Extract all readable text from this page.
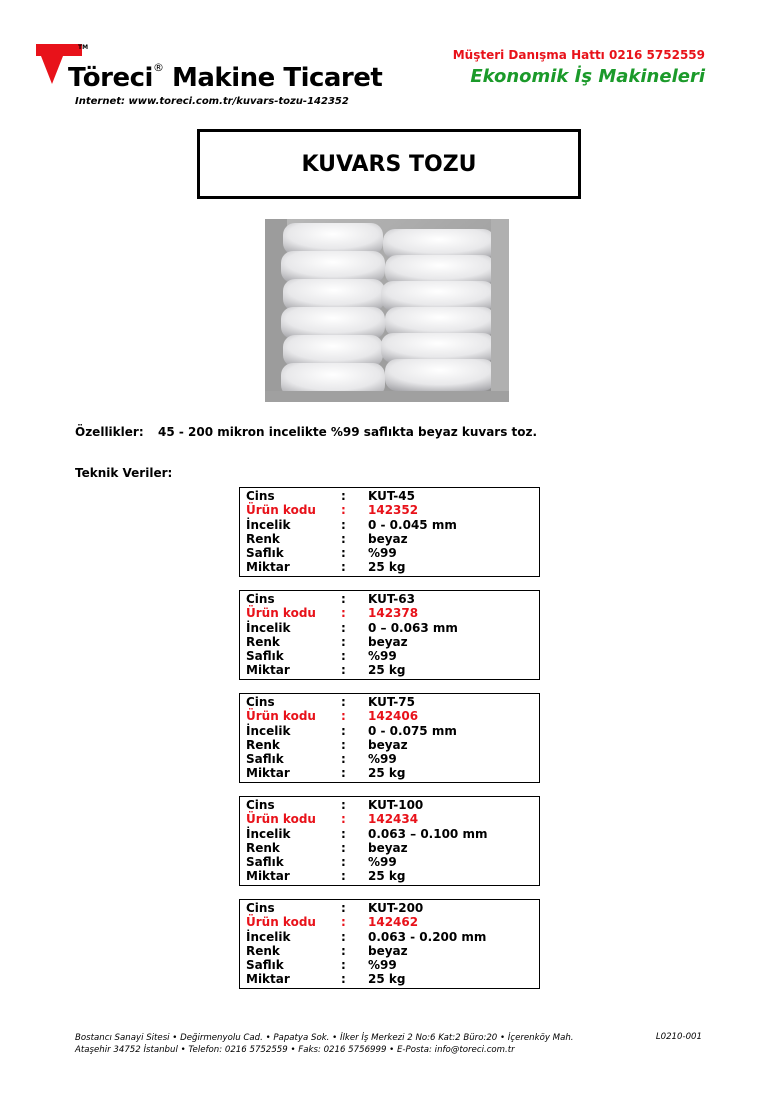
TM
Töreci® Makine Ticaret
Internet: www.toreci.com.tr/kuvars-tozu-142352
Müşteri Danışma Hattı 0216 5752559
Ekonomik İş Makineleri
KUVARS TOZU
Özellikler: 45 - 200 mikron incelikte %99 saflıkta beyaz kuvars toz.
Teknik Veriler:
Cins	:	KUT-45
Ürün kodu	:	142352
İncelik	:	0 - 0.045 mm
Renk	:	beyaz
Saflık	:	%99
Miktar	:	25 kg
Cins	:	KUT-63
Ürün kodu	:	142378
İncelik	:	0 – 0.063 mm
Renk	:	beyaz
Saflık	:	%99
Miktar	:	25 kg
Cins	:	KUT-75
Ürün kodu	:	142406
İncelik	:	0 - 0.075 mm
Renk	:	beyaz
Saflık	:	%99
Miktar	:	25 kg
Cins	:	KUT-100
Ürün kodu	:	142434
İncelik	:	0.063 – 0.100 mm
Renk	:	beyaz
Saflık	:	%99
Miktar	:	25 kg
Cins	:	KUT-200
Ürün kodu	:	142462
İncelik	:	0.063 - 0.200 mm
Renk	:	beyaz
Saflık	:	%99
Miktar	:	25 kg
Bostancı Sanayi Sitesi • Değirmenyolu Cad. • Papatya Sok. • İlker İş Merkezi 2 No:6 Kat:2 Büro:20 • İçerenköy Mah.
Ataşehir 34752 İstanbul • Telefon: 0216 5752559 • Faks: 0216 5756999 • E-Posta: info@toreci.com.tr
L0210-001
